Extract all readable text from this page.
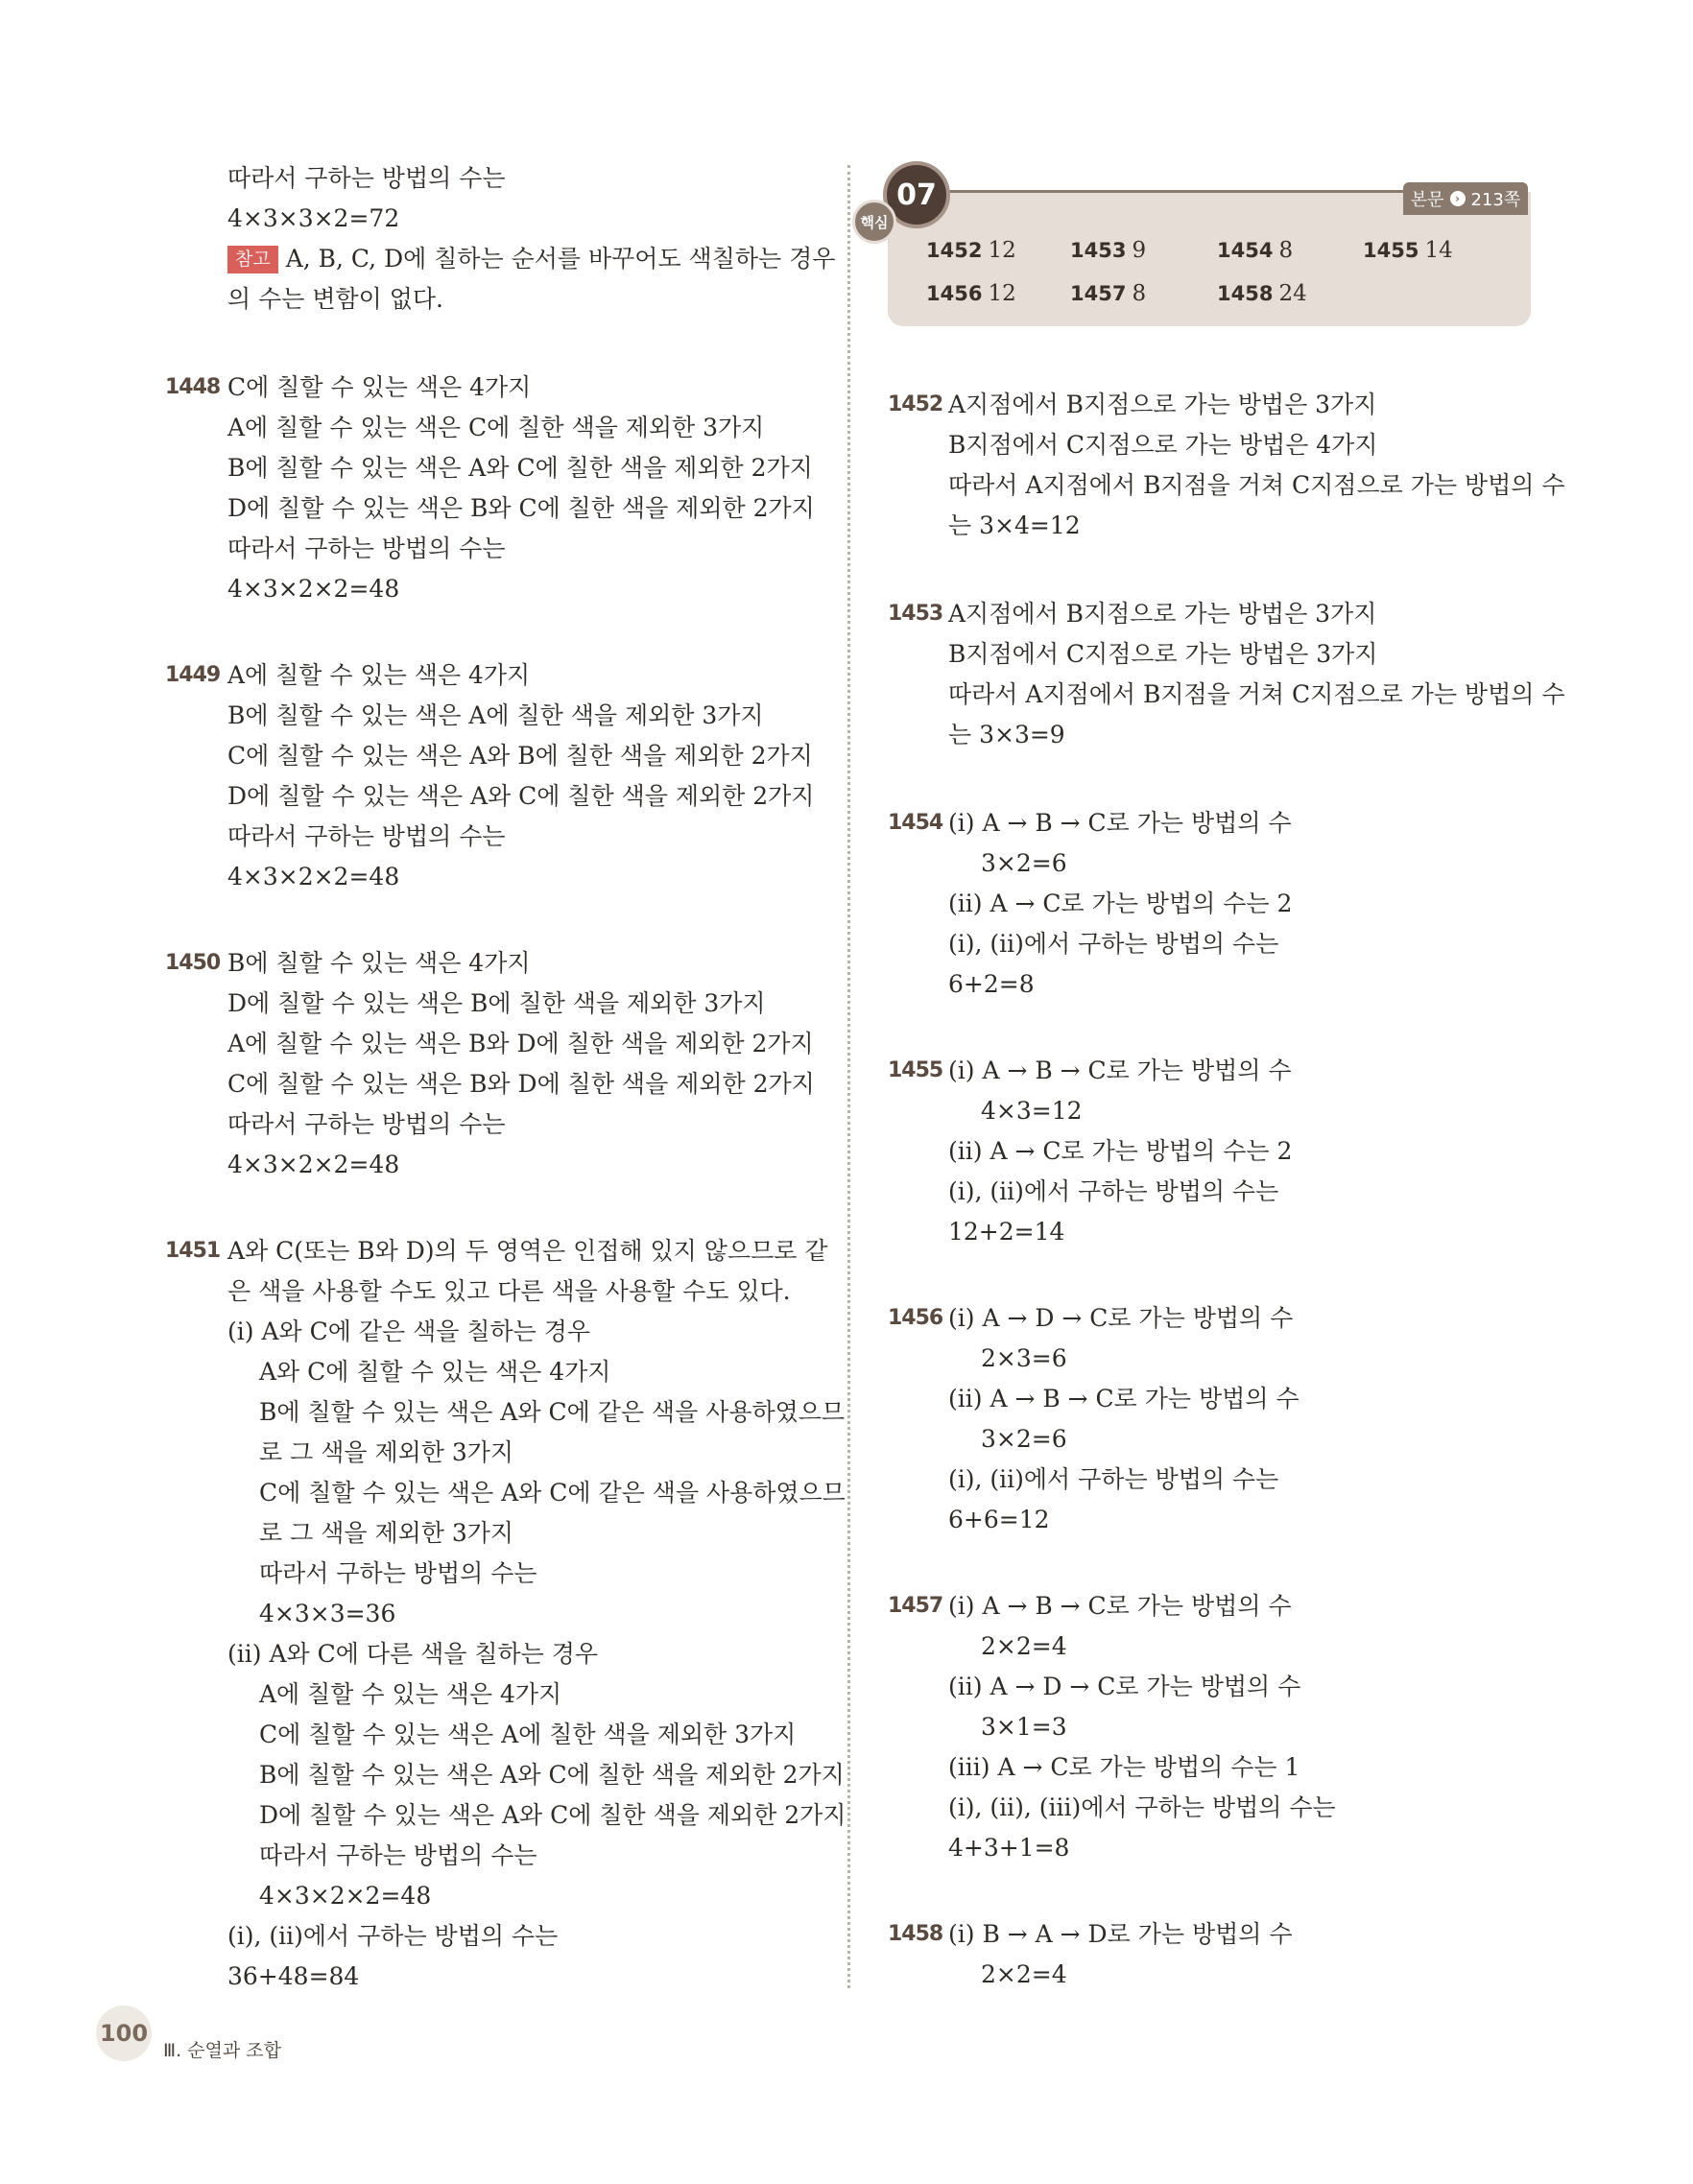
따라서 구하는 방법의 수는
4×3×3×2=72
참고 A, B, C, D에 칠하는 순서를 바꾸어도 색칠하는 경우
의 수는 변함이 없다.
1448 C에 칠할 수 있는 색은 4가지
A에 칠할 수 있는 색은 C에 칠한 색을 제외한 3가지
B에 칠할 수 있는 색은 A와 C에 칠한 색을 제외한 2가지
D에 칠할 수 있는 색은 B와 C에 칠한 색을 제외한 2가지
따라서 구하는 방법의 수는
4×3×2×2=48
1449 A에 칠할 수 있는 색은 4가지
B에 칠할 수 있는 색은 A에 칠한 색을 제외한 3가지
C에 칠할 수 있는 색은 A와 B에 칠한 색을 제외한 2가지
D에 칠할 수 있는 색은 A와 C에 칠한 색을 제외한 2가지
따라서 구하는 방법의 수는
4×3×2×2=48
1450 B에 칠할 수 있는 색은 4가지
D에 칠할 수 있는 색은 B에 칠한 색을 제외한 3가지
A에 칠할 수 있는 색은 B와 D에 칠한 색을 제외한 2가지
C에 칠할 수 있는 색은 B와 D에 칠한 색을 제외한 2가지
따라서 구하는 방법의 수는
4×3×2×2=48
1451 A와 C(또는 B와 D)의 두 영역은 인접해 있지 않으므로 같
은 색을 사용할 수도 있고 다른 색을 사용할 수도 있다.
(ⅰ) A와 C에 같은 색을 칠하는 경우
A와 C에 칠할 수 있는 색은 4가지
B에 칠할 수 있는 색은 A와 C에 같은 색을 사용하였으므
로 그 색을 제외한 3가지
C에 칠할 수 있는 색은 A와 C에 같은 색을 사용하였으므
로 그 색을 제외한 3가지
따라서 구하는 방법의 수는
4×3×3=36
(ⅱ) A와 C에 다른 색을 칠하는 경우
A에 칠할 수 있는 색은 4가지
C에 칠할 수 있는 색은 A에 칠한 색을 제외한 3가지
B에 칠할 수 있는 색은 A와 C에 칠한 색을 제외한 2가지
D에 칠할 수 있는 색은 A와 C에 칠한 색을 제외한 2가지
따라서 구하는 방법의 수는
4×3×2×2=48
(ⅰ), (ⅱ)에서 구하는 방법의 수는
36+48=84
본문 › 213쪽
07
핵심
1452 12	1453 9	1454 8	1455 14
1456 12	1457 8	1458 24
1452 A지점에서 B지점으로 가는 방법은 3가지
B지점에서 C지점으로 가는 방법은 4가지
따라서 A지점에서 B지점을 거쳐 C지점으로 가는 방법의 수
는 3×4=12
1453 A지점에서 B지점으로 가는 방법은 3가지
B지점에서 C지점으로 가는 방법은 3가지
따라서 A지점에서 B지점을 거쳐 C지점으로 가는 방법의 수
는 3×3=9
1454 (ⅰ) A → B → C로 가는 방법의 수
3×2=6
(ⅱ) A → C로 가는 방법의 수는 2
(ⅰ), (ⅱ)에서 구하는 방법의 수는
6+2=8
1455 (ⅰ) A → B → C로 가는 방법의 수
4×3=12
(ⅱ) A → C로 가는 방법의 수는 2
(ⅰ), (ⅱ)에서 구하는 방법의 수는
12+2=14
1456 (ⅰ) A → D → C로 가는 방법의 수
2×3=6
(ⅱ) A → B → C로 가는 방법의 수
3×2=6
(ⅰ), (ⅱ)에서 구하는 방법의 수는
6+6=12
1457 (ⅰ) A → B → C로 가는 방법의 수
2×2=4
(ⅱ) A → D → C로 가는 방법의 수
3×1=3
(ⅲ) A → C로 가는 방법의 수는 1
(ⅰ), (ⅱ), (ⅲ)에서 구하는 방법의 수는
4+3+1=8
1458 (ⅰ) B → A → D로 가는 방법의 수
2×2=4
100
Ⅲ. 순열과 조합
